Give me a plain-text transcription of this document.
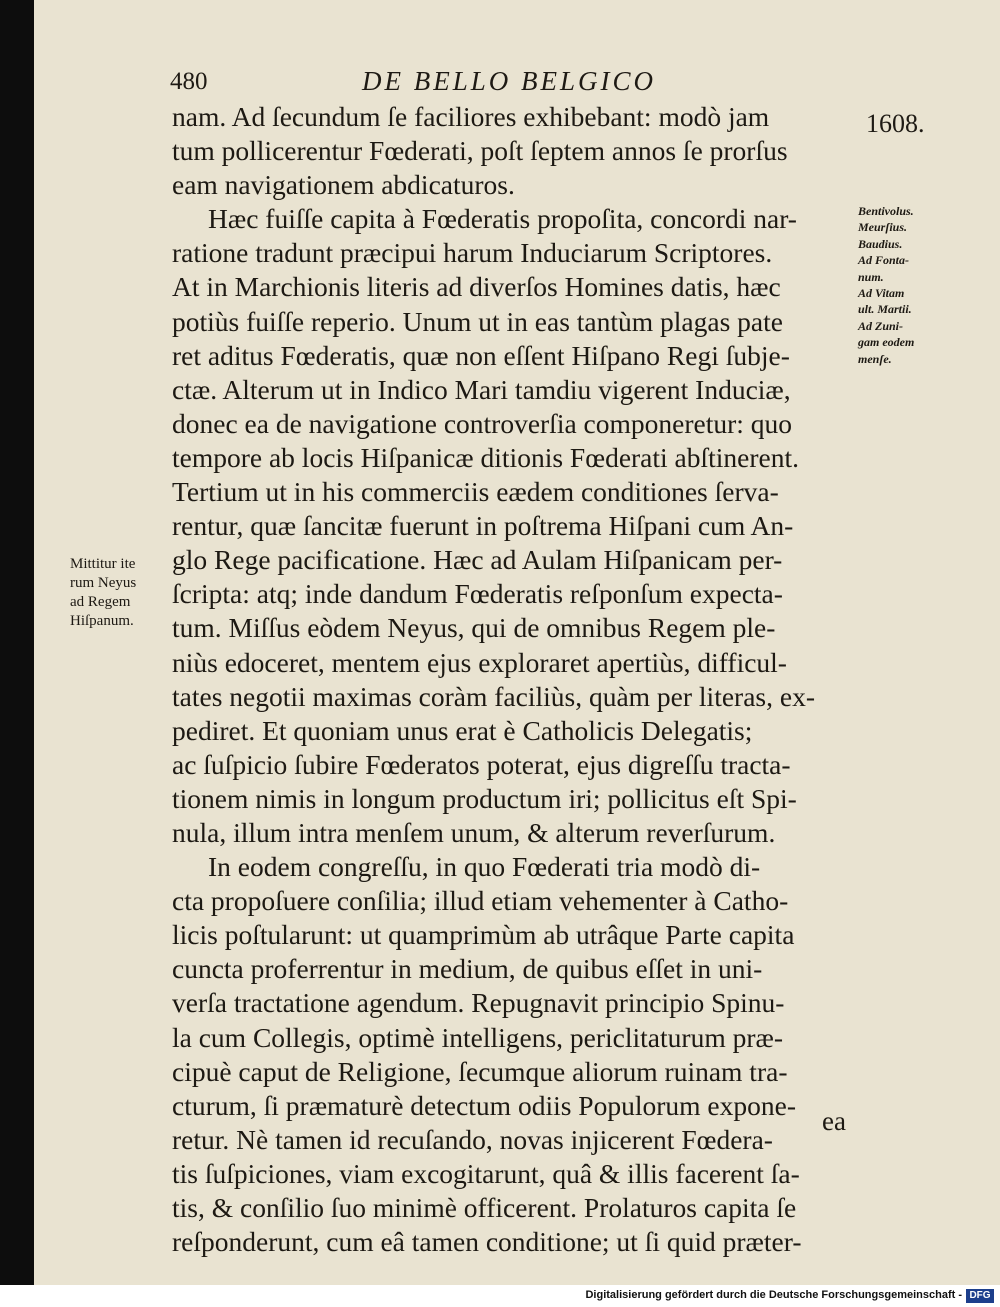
480	DE BELLO BELGICO
1608.
nam. Ad ſecundum ſe faciliores exhibebant: modò jam
tum pollicerentur Fœderati, poſt ſeptem annos ſe prorſus
eam navigationem abdicaturos.
Hæc fuiſſe capita à Fœderatis propoſita, concordi nar-
ratione tradunt præcipui harum Induciarum Scriptores.
At in Marchionis literis ad diverſos Homines datis, hæc
potiùs fuiſſe reperio. Unum ut in eas tantùm plagas pate
ret aditus Fœderatis, quæ non eſſent Hiſpano Regi ſubje-
ctæ. Alterum ut in Indico Mari tamdiu vigerent Induciæ,
donec ea de navigatione controverſia componeretur: quo
tempore ab locis Hiſpanicæ ditionis Fœderati abſtinerent.
Tertium ut in his commerciis eædem conditiones ſerva-
rentur, quæ ſancitæ fuerunt in poſtrema Hiſpani cum An-
glo Rege pacificatione. Hæc ad Aulam Hiſpanicam per-
ſcripta: atq; inde dandum Fœderatis reſponſum expecta-
tum. Miſſus eòdem Neyus, qui de omnibus Regem ple-
niùs edoceret, mentem ejus exploraret apertiùs, difficul-
tates negotii maximas coràm faciliùs, quàm per literas, ex-
pediret. Et quoniam unus erat è Catholicis Delegatis;
ac ſuſpicio ſubire Fœderatos poterat, ejus digreſſu tracta-
tionem nimis in longum productum iri; pollicitus eſt Spi-
nula, illum intra menſem unum, & alterum reverſurum.
In eodem congreſſu, in quo Fœderati tria modò di-
cta propoſuere conſilia; illud etiam vehementer à Catho-
licis poſtularunt: ut quamprimùm ab utrâque Parte capita
cuncta proferrentur in medium, de quibus eſſet in uni-
verſa tractatione agendum. Repugnavit principio Spinu-
la cum Collegis, optimè intelligens, periclitaturum præ-
cipuè caput de Religione, ſecumque aliorum ruinam tra-
cturum, ſi præmaturè detectum odiis Populorum expone-
retur. Nè tamen id recuſando, novas injicerent Fœdera-
tis ſuſpiciones, viam excogitarunt, quâ & illis facerent ſa-
tis, & conſilio ſuo minimè officerent. Prolaturos capita ſe
reſponderunt, cum eâ tamen conditione; ut ſi quid præter-
Bentivolus.
Meurſius.
Baudius.
Ad Fonta-
num.
Ad Vitam
ult. Martii.
Ad Zuni-
gam eodem
menſe.
Mittitur ite
rum Neyus
ad Regem
Hiſpanum.
ea
Digitalisierung gefördert durch die Deutsche Forschungsgemeinschaft - DFG
